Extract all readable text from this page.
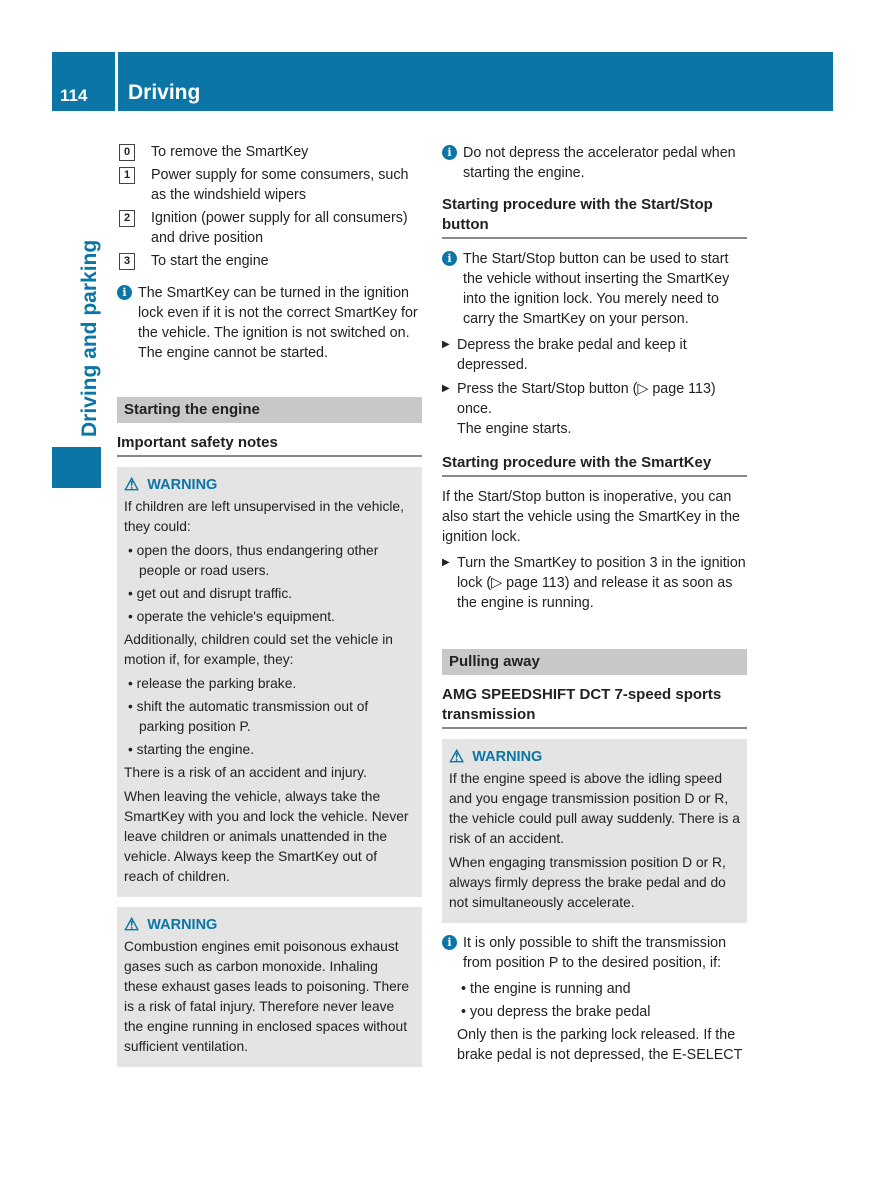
114 Driving
Driving and parking
0	To remove the SmartKey
1	Power supply for some consumers, such as the windshield wipers
2	Ignition (power supply for all consumers) and drive position
3	To start the engine
i The SmartKey can be turned in the ignition lock even if it is not the correct SmartKey for the vehicle. The ignition is not switched on. The engine cannot be started.
Starting the engine
Important safety notes
⚠ WARNING
If children are left unsupervised in the vehicle, they could:
• open the doors, thus endangering other people or road users.
• get out and disrupt traffic.
• operate the vehicle's equipment.
Additionally, children could set the vehicle in motion if, for example, they:
• release the parking brake.
• shift the automatic transmission out of parking position P.
• starting the engine.
There is a risk of an accident and injury.
When leaving the vehicle, always take the SmartKey with you and lock the vehicle. Never leave children or animals unattended in the vehicle. Always keep the SmartKey out of reach of children.
⚠ WARNING
Combustion engines emit poisonous exhaust gases such as carbon monoxide. Inhaling these exhaust gases leads to poisoning. There is a risk of fatal injury. Therefore never leave the engine running in enclosed spaces without sufficient ventilation.
i Do not depress the accelerator pedal when starting the engine.
Starting procedure with the Start/Stop button
i The Start/Stop button can be used to start the vehicle without inserting the SmartKey into the ignition lock. You merely need to carry the SmartKey on your person.
▶ Depress the brake pedal and keep it depressed.
▶ Press the Start/Stop button (▷ page 113) once.

The engine starts.

Starting procedure with the SmartKey

If the Start/Stop button is inoperative, you can also start the vehicle using the SmartKey in the ignition lock.

▶ Turn the SmartKey to position 3 in the ignition lock (▷ page 113) and release it as soon as the engine is running.
Pulling away
AMG SPEEDSHIFT DCT 7-speed sports transmission
⚠ WARNING
If the engine speed is above the idling speed and you engage transmission position D or R, the vehicle could pull away suddenly. There is a risk of an accident.
When engaging transmission position D or R, always firmly depress the brake pedal and do not simultaneously accelerate.
i It is only possible to shift the transmission from position P to the desired position, if:
• the engine is running and
• you depress the brake pedal

Only then is the parking lock released. If the brake pedal is not depressed, the E-SELECT
